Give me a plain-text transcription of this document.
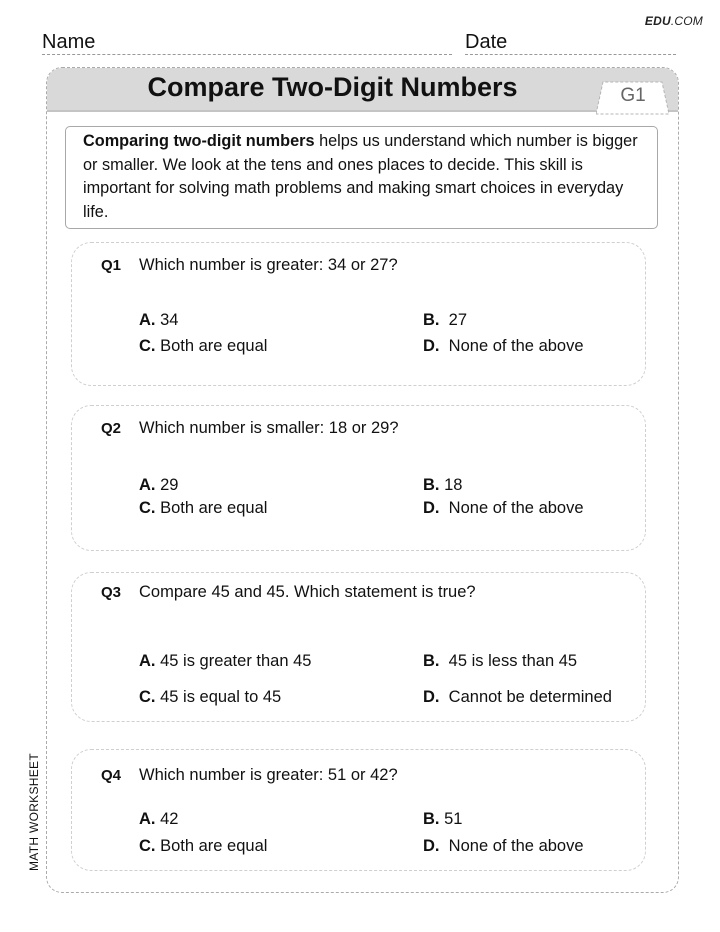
EDU.COM
Name	Date
Compare Two-Digit Numbers	G1
Comparing two-digit numbers helps us understand which number is bigger or smaller. We look at the tens and ones places to decide. This skill is important for solving math problems and making smart choices in everyday life.
Q1 Which number is greater: 34 or 27?
A. 34	B. 27
C. Both are equal	D. None of the above
Q2 Which number is smaller: 18 or 29?
A. 29	B. 18
C. Both are equal	D. None of the above
Q3 Compare 45 and 45. Which statement is true?
A. 45 is greater than 45	B. 45 is less than 45
C. 45 is equal to 45	D. Cannot be determined
Q4 Which number is greater: 51 or 42?
A. 42	B. 51
C. Both are equal	D. None of the above
MATH WORKSHEET
